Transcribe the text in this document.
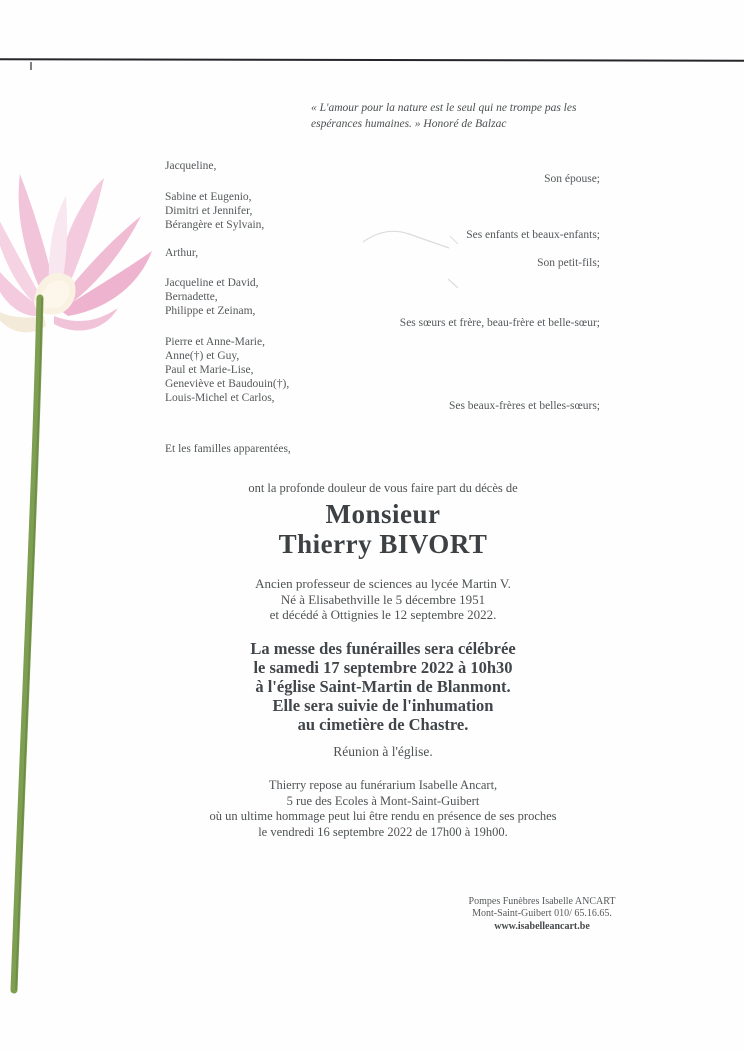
« L'amour pour la nature est le seul qui ne trompe pas les
espérances humaines. » Honoré de Balzac
Jacqueline,
Sabine et Eugenio,
Dimitri et Jennifer,
Bérangère et Sylvain,
Arthur,
Jacqueline et David,
Bernadette,
Philippe et Zeinam,
Pierre et Anne-Marie,
Anne(†) et Guy,
Paul et Marie-Lise,
Geneviève et Baudouin(†),
Louis-Michel et Carlos,
Son épouse;
Ses enfants et beaux-enfants;
Son petit-fils;
Ses sœurs et frère, beau-frère et belle-sœur;
Ses beaux-frères et belles-sœurs;
Et les familles apparentées,
ont la profonde douleur de vous faire part du décès de
Monsieur
Thierry BIVORT
Ancien professeur de sciences au lycée Martin V.
Né à Elisabethville le 5 décembre 1951
et décédé à Ottignies le 12 septembre 2022.
La messe des funérailles sera célébrée
le samedi 17 septembre 2022 à 10h30
à l'église Saint-Martin de Blanmont.
Elle sera suivie de l'inhumation
au cimetière de Chastre.
Réunion à l'église.
Thierry repose au funérarium Isabelle Ancart,
5 rue des Ecoles à Mont-Saint-Guibert
où un ultime hommage peut lui être rendu en présence de ses proches
le vendredi 16 septembre 2022 de 17h00 à 19h00.
Pompes Funèbres Isabelle ANCART
Mont-Saint-Guibert 010/ 65.16.65.
www.isabelleancart.be
